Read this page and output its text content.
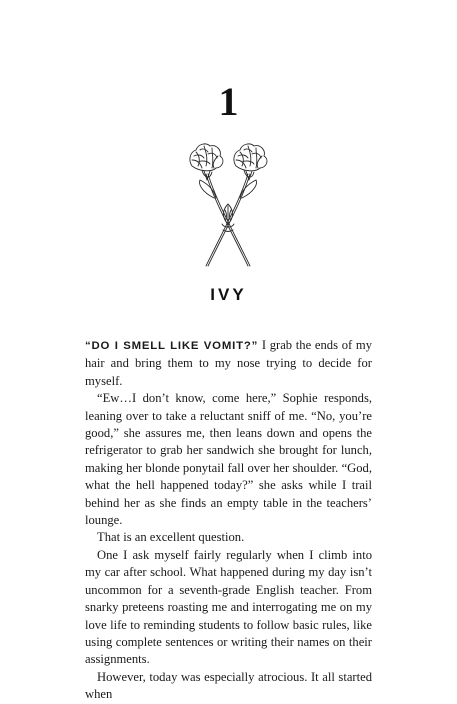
1
IVY

“DO I SMELL LIKE VOMIT?” I grab the ends of my hair and bring them to my nose trying to decide for myself.

“Ew…I don’t know, come here,” Sophie responds, leaning over to take a reluctant sniff of me. “No, you’re good,” she assures me, then leans down and opens the refrigerator to grab her sandwich she brought for lunch, making her blonde ponytail fall over her shoulder. “God, what the hell happened today?” she asks while I trail behind her as she finds an empty table in the teachers’ lounge.

That is an excellent question.

One I ask myself fairly regularly when I climb into my car after school. What happened during my day isn’t uncommon for a seventh-grade English teacher. From snarky preteens roasting me and interrogating me on my love life to reminding students to follow basic rules, like using complete sentences or writing their names on their assignments.

However, today was especially atrocious. It all started when
